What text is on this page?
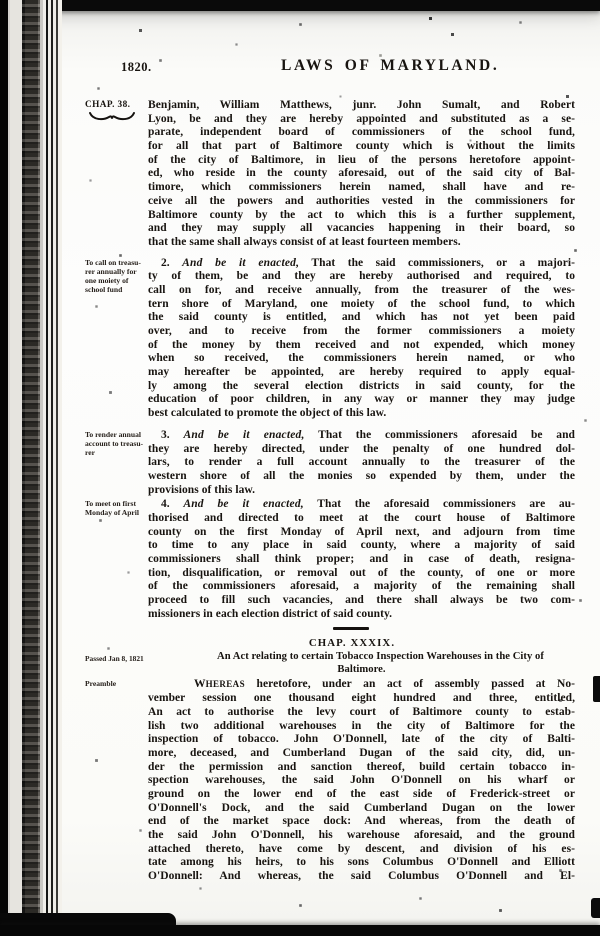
1820.	LAWS OF MARYLAND.
CHAP. 38.	Benjamin, William Matthews, junr. John Sumalt, and Robert
Lyon, be and they are hereby appointed and substituted as a se-
parate, independent board of commissioners of the school fund,
for all that part of Baltimore county which is without the limits
of the city of Baltimore, in lieu of the persons heretofore appoint-
ed, who reside in the county aforesaid, out of the said city of Bal-
timore, which commissioners herein named, shall have and re-
ceive all the powers and authorities vested in the commissioners for
Baltimore county by the act to which this is a further supplement,
and they may supply all vacancies happening in their board, so
that the same shall always consist of at least fourteen members.
To call on treasu-
rer annually for
one moiety of
school fund
2. And be it enacted, That the said commissioners, or a majori-
ty of them, be and they are hereby authorised and required, to
call on for, and receive annually, from the treasurer of the wes-
tern shore of Maryland, one moiety of the school fund, to which
the said county is entitled, and which has not yet been paid
over, and to receive from the former commissioners a moiety
of the money by them received and not expended, which money
when so received, the commissioners herein named, or who
may hereafter be appointed, are hereby required to apply equal-
ly among the several election districts in said county, for the
education of poor children, in any way or manner they may judge
best calculated to promote the object of this law.
To render annual
account to treasu-
rer
3. And be it enacted, That the commissioners aforesaid be and
they are hereby directed, under the penalty of one hundred dol-
lars, to render a full account annually to the treasurer of the
western shore of all the monies so expended by them, under the
provisions of this law.
To meet on first
Monday of April
4. And be it enacted, That the aforesaid commissioners are au-
thorised and directed to meet at the court house of Baltimore
county on the first Monday of April next, and adjourn from time
to time to any place in said county, where a majority of said
commissioners shall think proper; and in case of death, resigna-
tion, disqualification, or removal out of the county, of one or more
of the commissioners aforesaid, a majority of the remaining shall
proceed to fill such vacancies, and there shall always be two com-
missioners in each election district of said county.
CHAP. XXXIX.
Passed Jan 8, 1821	An Act relating to certain Tobacco Inspection Warehouses in the City of
Baltimore.
Preamble	WHEREAS heretofore, under an act of assembly passed at No-
vember session one thousand eight hundred and three, entitled,
An act to authorise the levy court of Baltimore county to estab-
lish two additional warehouses in the city of Baltimore for the
inspection of tobacco. John O'Donnell, late of the city of Balti-
more, deceased, and Cumberland Dugan of the said city, did, un-
der the permission and sanction thereof, build certain tobacco in-
spection warehouses, the said John O'Donnell on his wharf or
ground on the lower end of the east side of Frederick-street or
O'Donnell's Dock, and the said Cumberland Dugan on the lower
end of the market space dock: And whereas, from the death of
the said John O'Donnell, his warehouse aforesaid, and the ground
attached thereto, have come by descent, and division of his es-
tate among his heirs, to his sons Columbus O'Donnell and Elliott
O'Donnell: And whereas, the said Columbus O'Donnell and El-
